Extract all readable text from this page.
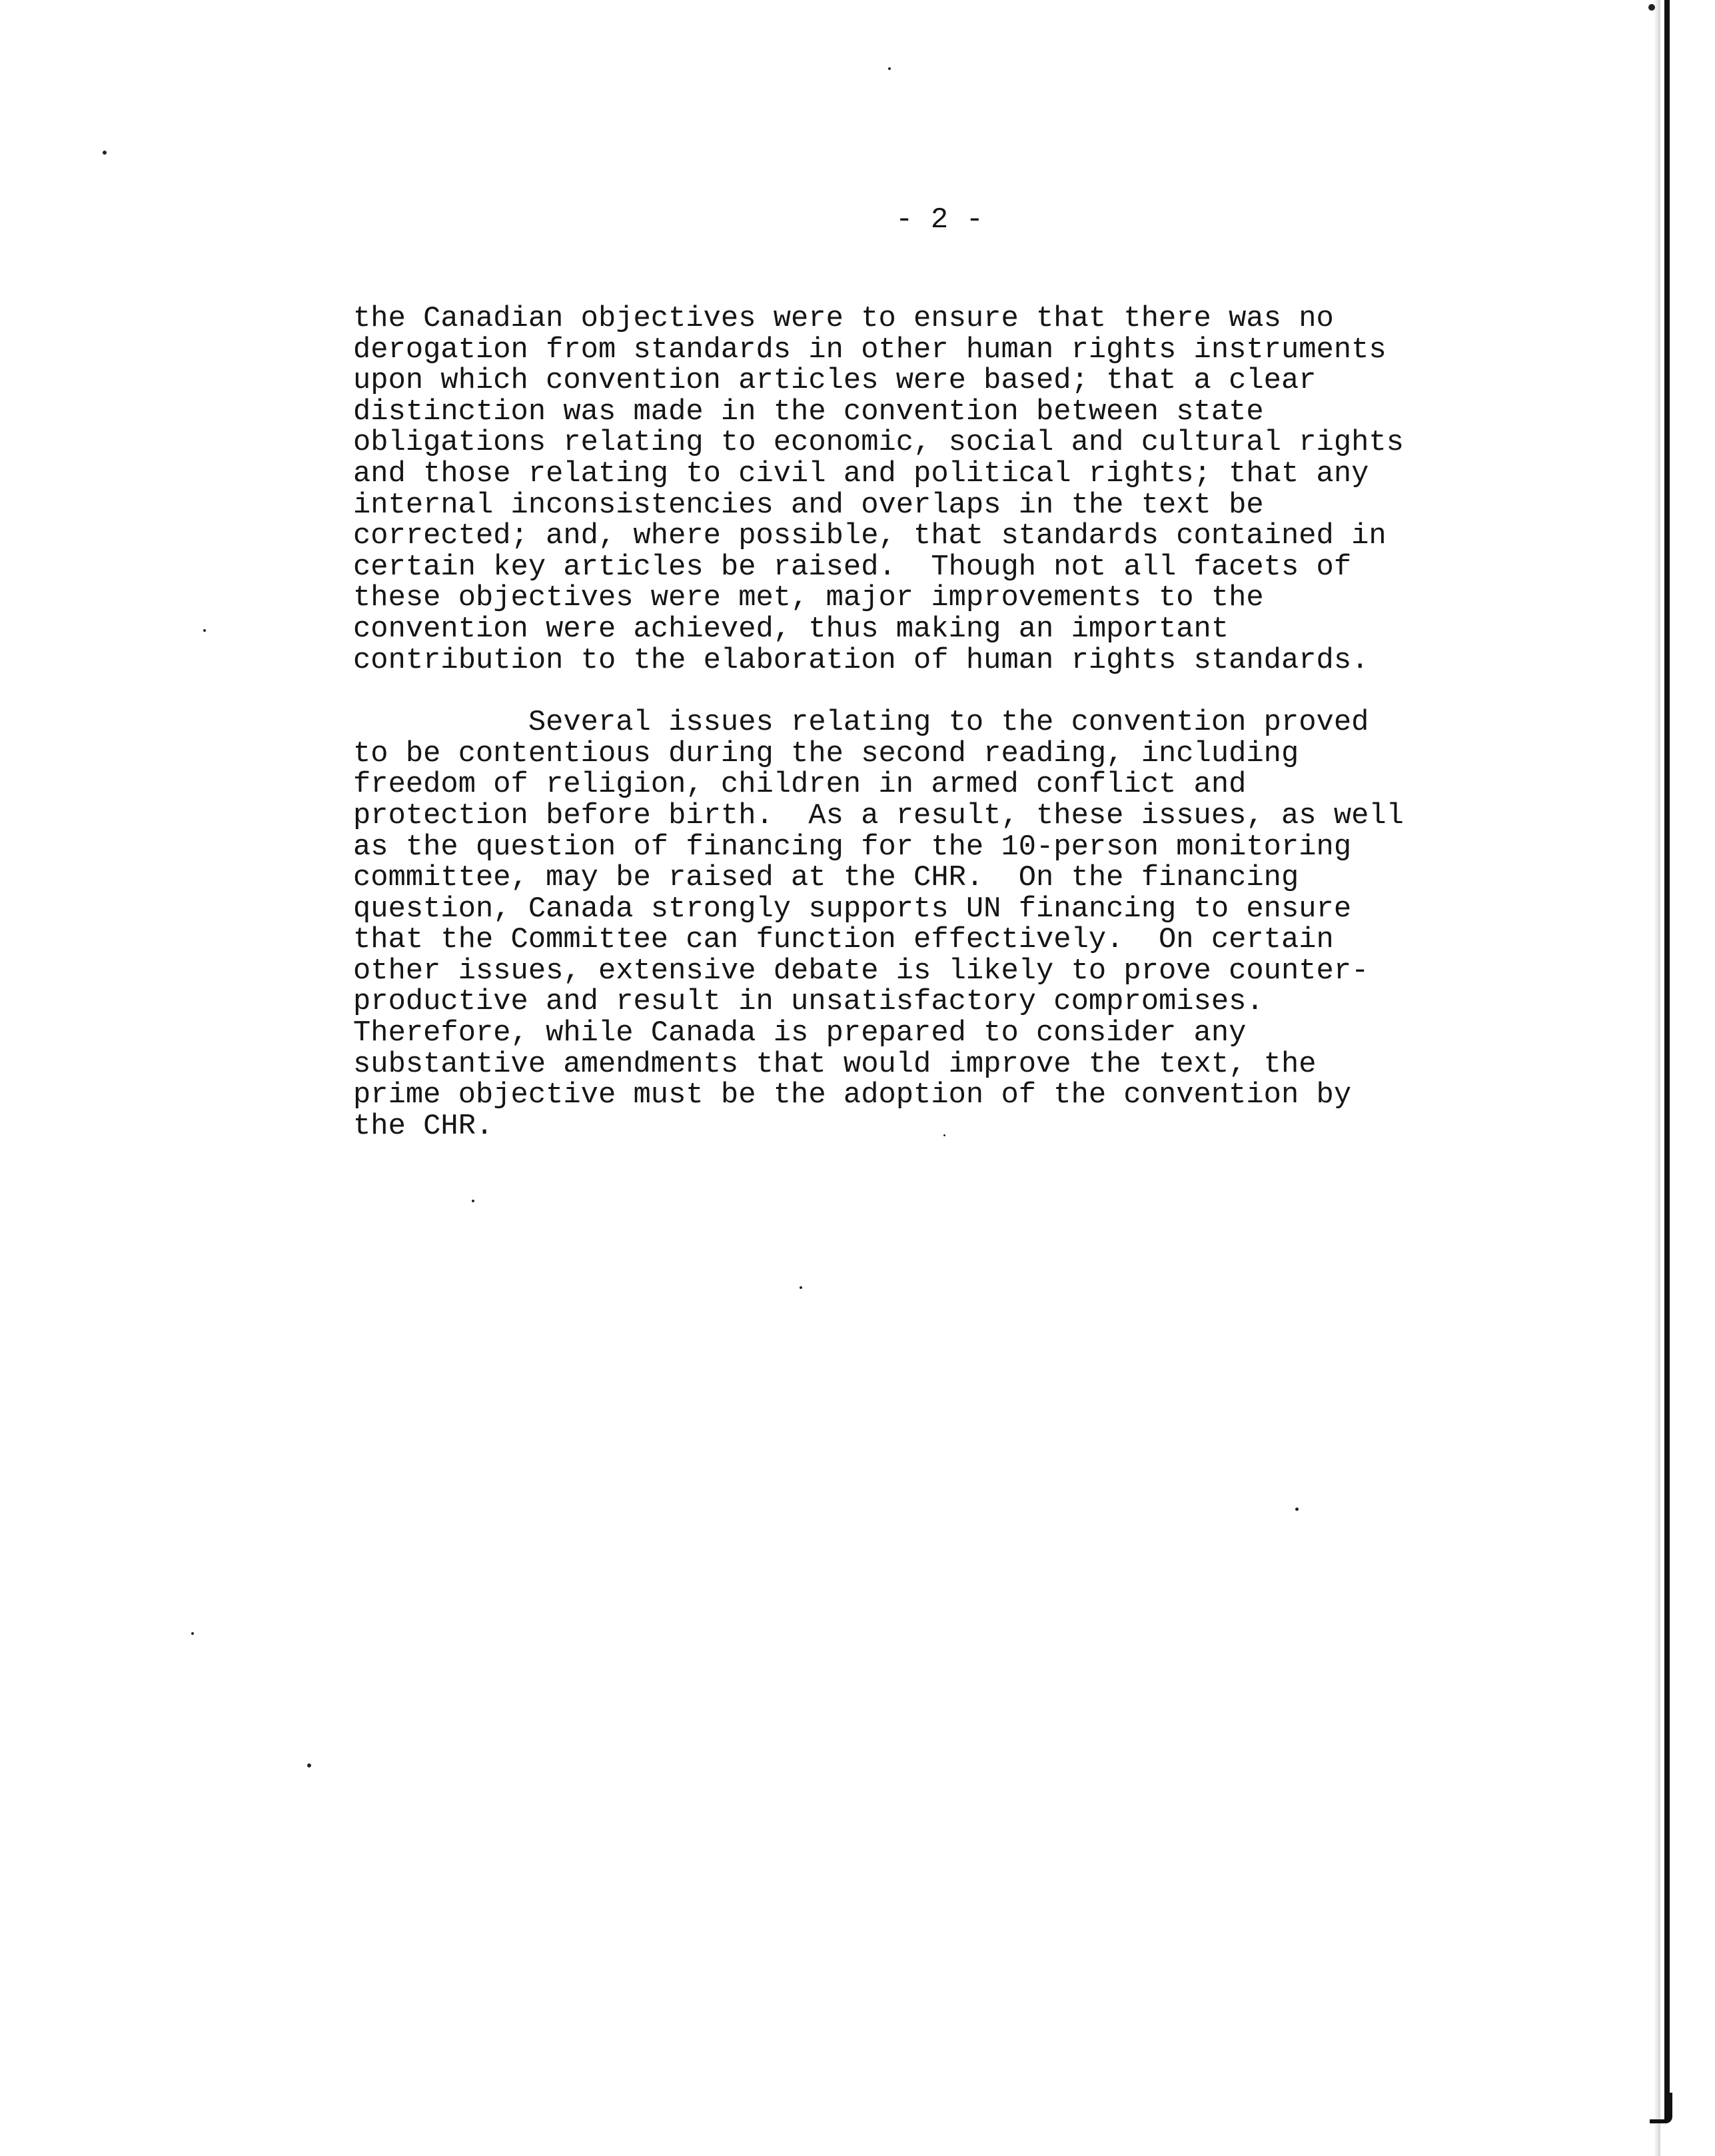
- 2 -
the Canadian objectives were to ensure that there was no
derogation from standards in other human rights instruments
upon which convention articles were based; that a clear
distinction was made in the convention between state
obligations relating to economic, social and cultural rights
and those relating to civil and political rights; that any
internal inconsistencies and overlaps in the text be
corrected; and, where possible, that standards contained in
certain key articles be raised.  Though not all facets of
these objectives were met, major improvements to the
convention were achieved, thus making an important
contribution to the elaboration of human rights standards.
Several issues relating to the convention proved
to be contentious during the second reading, including
freedom of religion, children in armed conflict and
protection before birth.  As a result, these issues, as well
as the question of financing for the 10-person monitoring
committee, may be raised at the CHR.  On the financing
question, Canada strongly supports UN financing to ensure
that the Committee can function effectively.  On certain
other issues, extensive debate is likely to prove counter-
productive and result in unsatisfactory compromises.
Therefore, while Canada is prepared to consider any
substantive amendments that would improve the text, the
prime objective must be the adoption of the convention by
the CHR.
